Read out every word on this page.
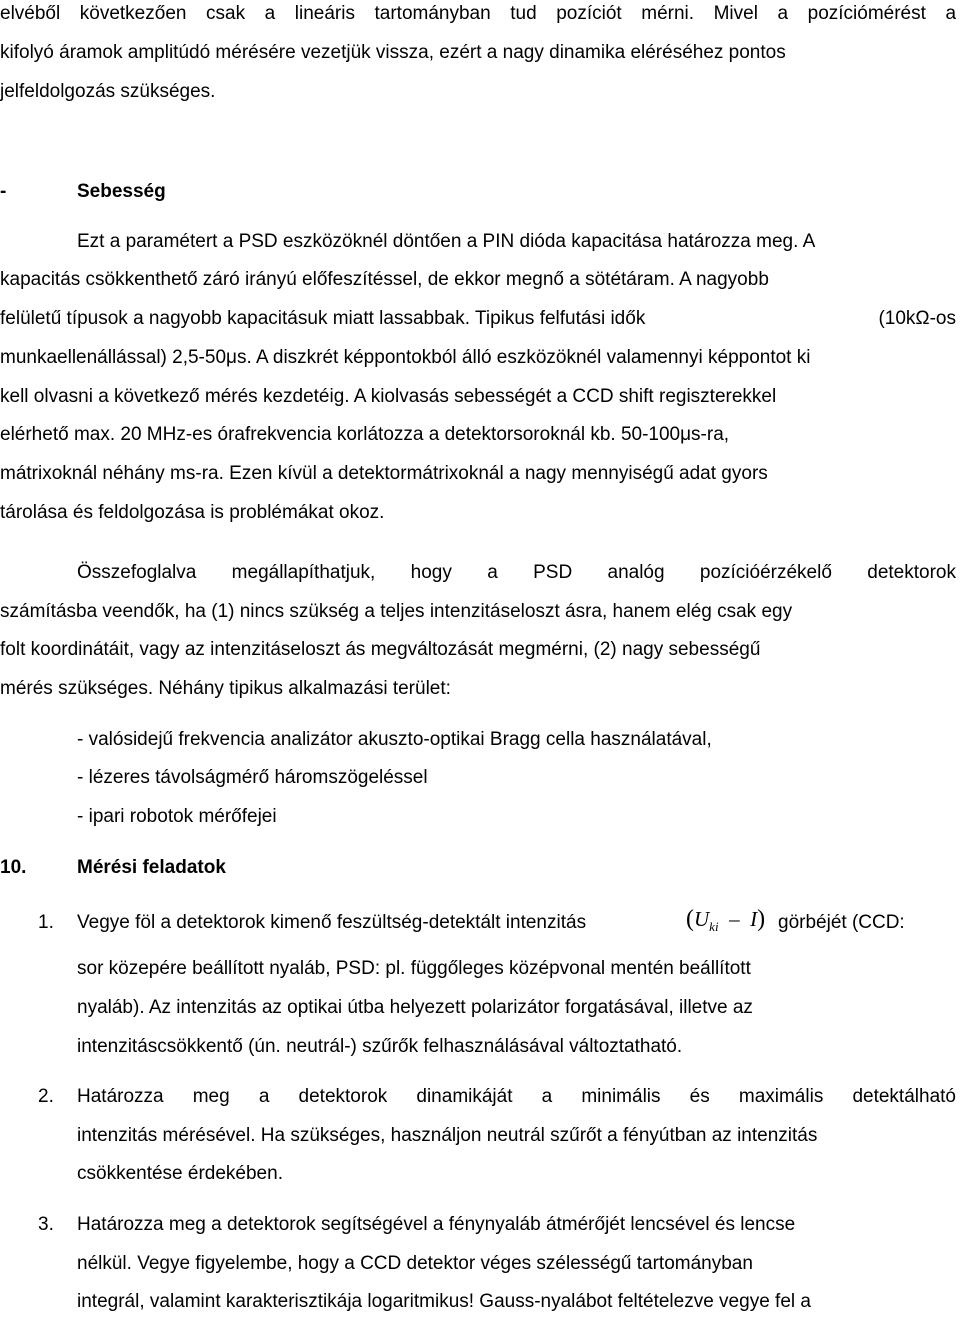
elvéből következően csak a lineáris tartományban tud pozíciót mérni. Mivel a pozíciómérést a
kifolyó áramok amplitúdó mérésére vezetjük vissza, ezért a nagy dinamika eléréséhez pontos
jelfeldolgozás szükséges.
-	Sebesség
Ezt a paramétert a PSD eszközöknél döntően a PIN dióda kapacitása határozza meg. A
kapacitás csökkenthető záró irányú előfeszítéssel, de ekkor megnő a sötétáram. A nagyobb
felületű típusok a nagyobb kapacitásuk miatt lassabbak. Tipikus felfutási idők	(10kΩ-os
munkaellenállással) 2,5-50μs. A diszkrét képpontokból álló eszközöknél valamennyi képpontot ki
kell olvasni a következő mérés kezdetéig. A kiolvasás sebességét a CCD shift regiszterekkel
elérhető max. 20 MHz-es órafrekvencia korlátozza a detektorsoroknál kb. 50-100μs-ra,
mátrixoknál néhány ms-ra. Ezen kívül a detektormátrixoknál a nagy mennyiségű adat gyors
tárolása és feldolgozása is problémákat okoz.
Összefoglalva megállapíthatjuk, hogy a PSD analóg pozícióérzékelő detektorok
számításba veendők, ha (1) nincs szükség a teljes intenzitáseloszt ásra, hanem elég csak egy
folt koordinátáit, vagy az intenzitáseloszt ás megváltozását megmérni, (2) nagy sebességű
mérés szükséges. Néhány tipikus alkalmazási terület:
- valósidejű frekvencia analizátor akuszto-optikai Bragg cella használatával,
- lézeres távolságmérő háromszögeléssel
- ipari robotok mérőfejei
10.	Mérési feladatok
1. Vegye föl a detektorok kimenő feszültség-detektált intenzitás	$(U_{ki} - I)$ görbéjét (CCD:
sor közepére beállított nyaláb, PSD: pl. függőleges középvonal mentén beállított
nyaláb). Az intenzitás az optikai útba helyezett polarizátor forgatásával, illetve az
intenzitáscsökkentő (ún. neutrál-) szűrők felhasználásával változtatható.
2. Határozza meg a detektorok dinamikáját a minimális és maximális detektálható
intenzitás mérésével. Ha szükséges, használjon neutrál szűrőt a fényútban az intenzitás
csökkentése érdekében.
3. Határozza meg a detektorok segítségével a fénynyaláb átmérőjét lencsével és lencse
nélkül. Vegye figyelembe, hogy a CCD detektor véges szélességű tartományban
integrál, valamint karakterisztikája logaritmikus! Gauss-nyalábot feltételezve vegye fel a
